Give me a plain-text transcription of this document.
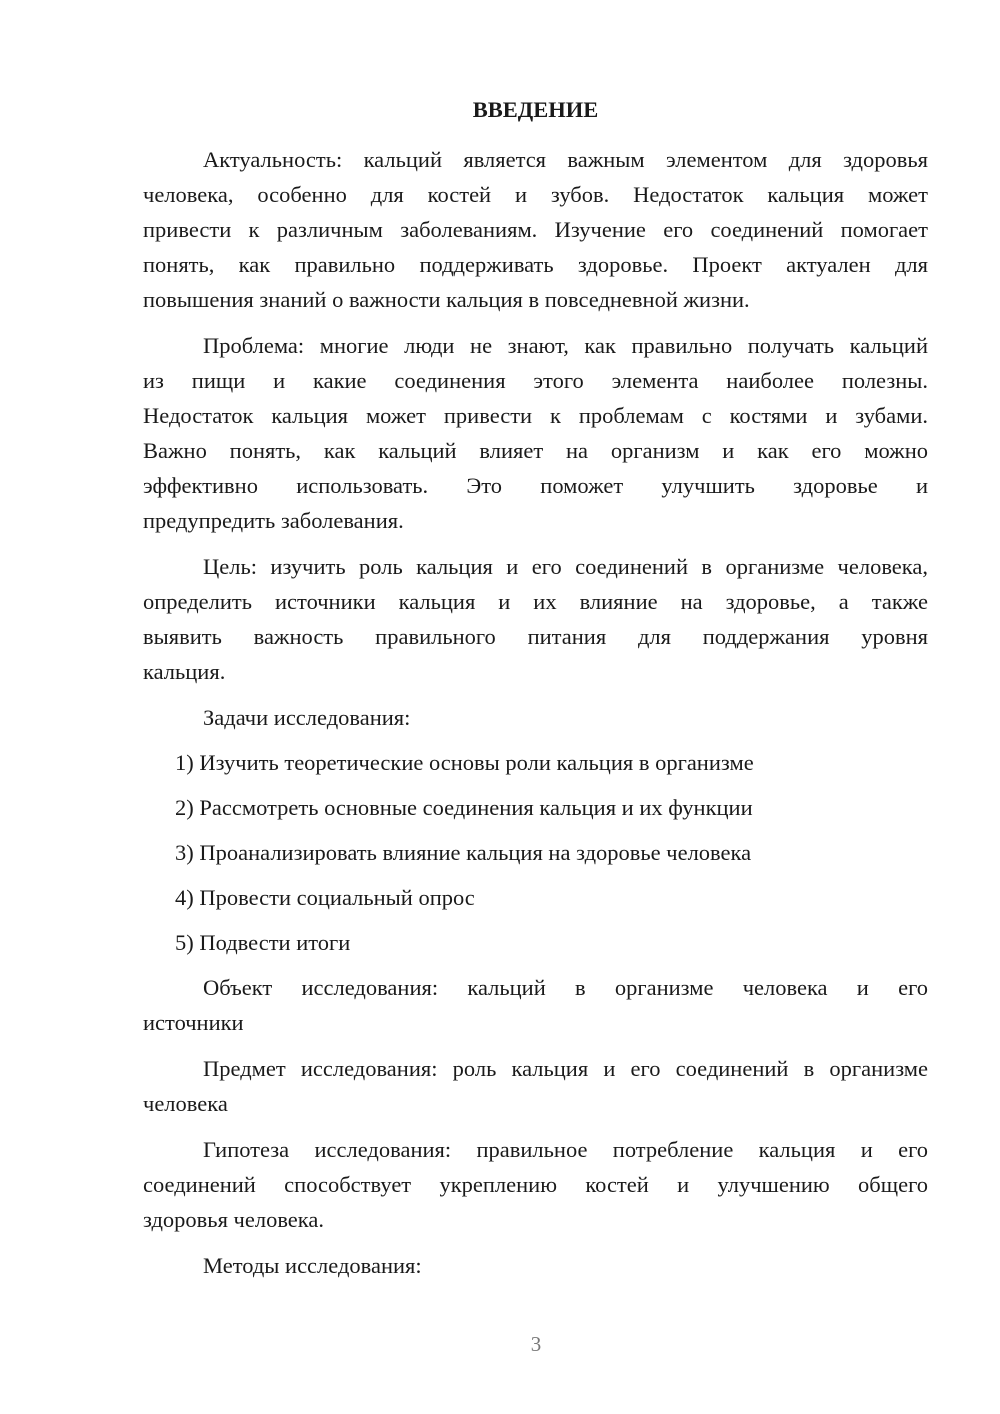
ВВЕДЕНИЕ
Актуальность: кальций является важным элементом для здоровья
человека, особенно для костей и зубов. Недостаток кальция может
привести к различным заболеваниям. Изучение его соединений помогает
понять, как правильно поддерживать здоровье. Проект актуален для
повышения знаний о важности кальция в повседневной жизни.
Проблема: многие люди не знают, как правильно получать кальций
из пищи и какие соединения этого элемента наиболее полезны.
Недостаток кальция может привести к проблемам с костями и зубами.
Важно понять, как кальций влияет на организм и как его можно
эффективно использовать. Это поможет улучшить здоровье и
предупредить заболевания.
Цель: изучить роль кальция и его соединений в организме человека,
определить источники кальция и их влияние на здоровье, а также
выявить важность правильного питания для поддержания уровня
кальция.
Задачи исследования:
1) Изучить теоретические основы роли кальция в организме
2) Рассмотреть основные соединения кальция и их функции
3) Проанализировать влияние кальция на здоровье человека
4) Провести социальный опрос
5) Подвести итоги
Объект исследования: кальций в организме человека и его
источники
Предмет исследования: роль кальция и его соединений в организме
человека
Гипотеза исследования: правильное потребление кальция и его
соединений способствует укреплению костей и улучшению общего
здоровья человека.
Методы исследования:
3
